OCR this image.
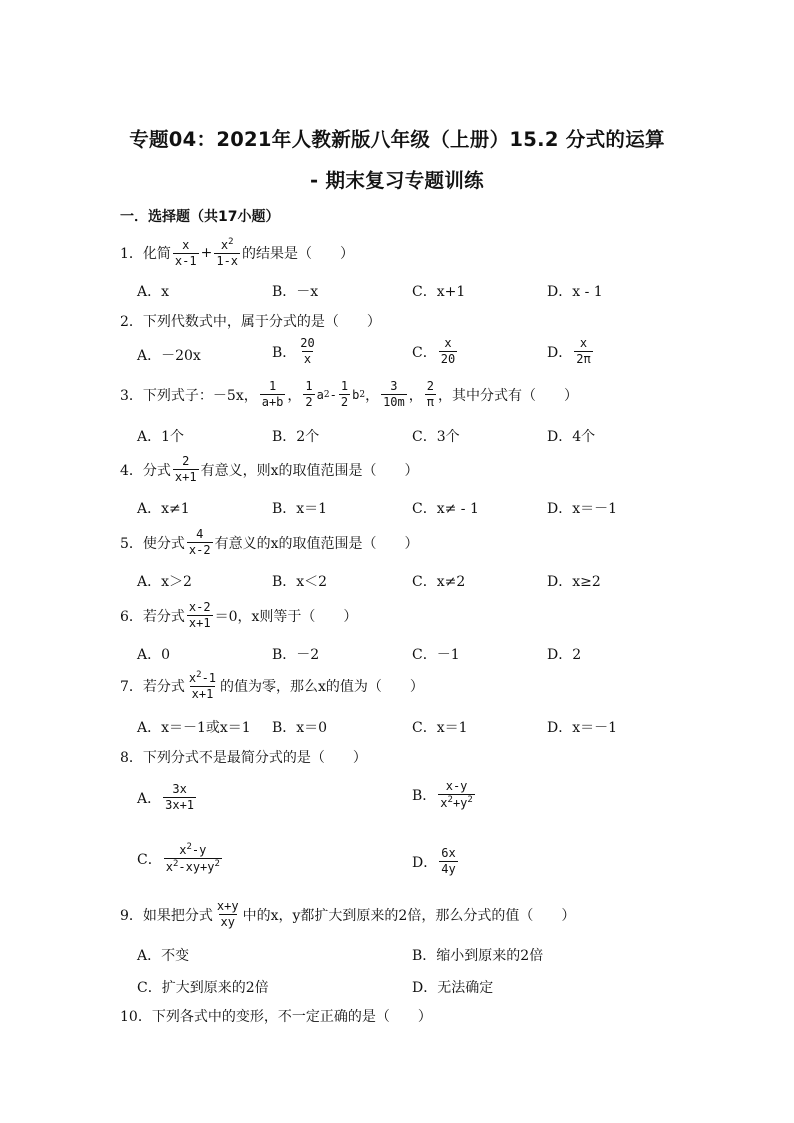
专题04：2021年人教新版八年级（上册）15.2 分式的运算
- 期末复习专题训练
一．选择题（共17小题）
1． 化简 $\frac{x}{x-1} + \frac{x^2}{1-x}$ 的结果是（　　）
A．x	B．－x	C．x+1	D．x - 1
2． 下列代数式中，属于分式的是（　　）
A．－20x	B． $\frac{20}{x}$	C． $\frac{x}{20}$	D． $\frac{x}{2\pi}$
3． 下列式子：－5x， $\frac{1}{a+b}$ ， $\frac{1}{2}$ a $2 - \frac{1}{2}$ b 2 ， $\frac{3}{10m}$ ， $\frac{2}{\pi}$ ，其中分式有（　　）
A．1个	B．2个	C．3个	D．4个
4． 分式 $\frac{2}{x+1}$ 有意义，则x的取值范围是（　　）
A．x≠1	B．x＝1	C．x≠ - 1	D．x＝－1
5． 使分式 $\frac{4}{x-2}$ 有意义的x的取值范围是（　　）
A．x＞2	B．x＜2	C．x≠2	D．x≥2
6． 若分式 $\frac{x-2}{x+1} =0$，x则等于（　　）
A．0	B．－2	C．－1	D．2
7． 若分式 $\frac{x^2-1}{x+1}$ 的值为零，那么x的值为（　　）
A．x＝－1或x＝1 B．x＝0	C．x＝1	D．x＝－1
8． 下列分式不是最简分式的是（　　）
A． $\frac{3x}{3x+1}$	B． $\frac{x-y}{x^2+y^2}$
C． $\frac{x^2-y}{x^2-xy+y^2}$	D． $\frac{6x}{4y}$
9． 如果把分式 $\frac{x+y}{xy}$ 中的x，y都扩大到原来的2倍，那么分式的值（　　）
A．不变	B．缩小到原来的2倍
C．扩大到原来的2倍	D．无法确定
10． 下列各式中的变形，不一定正确的是（　　）
